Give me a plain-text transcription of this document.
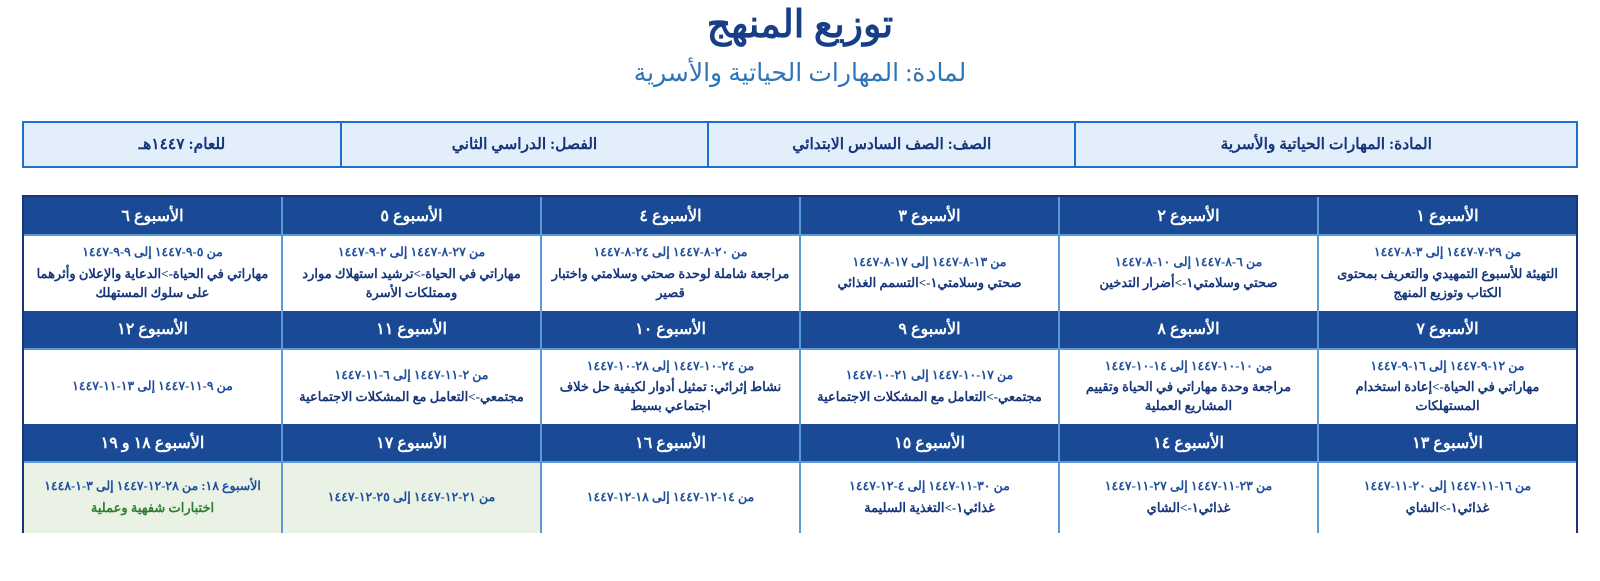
توزيع المنهج
لمادة: المهارات الحياتية والأسرية
المادة: المهارات الحياتية والأسرية
الصف: الصف السادس الابتدائي
الفصل: الدراسي الثاني
للعام: ١٤٤٧هـ
الأسبوع ١
الأسبوع ٢
الأسبوع ٣
الأسبوع ٤
الأسبوع ٥
الأسبوع ٦
من ٢٩-٧-١٤٤٧ إلى ٣-٨-١٤٤٧
التهيئة للأسبوع التمهيدي والتعريف بمحتوى الكتاب وتوزيع المنهج
من ٦-٨-١٤٤٧ إلى ١٠-٨-١٤٤٧
صحتي وسلامتي١->أضرار التدخين
من ١٣-٨-١٤٤٧ إلى ١٧-٨-١٤٤٧
صحتي وسلامتي١->التسمم الغذائي
من ٢٠-٨-١٤٤٧ إلى ٢٤-٨-١٤٤٧
مراجعة شاملة لوحدة صحتي وسلامتي واختبار قصير
من ٢٧-٨-١٤٤٧ إلى ٢-٩-١٤٤٧
مهاراتي في الحياة->ترشيد استهلاك موارد وممتلكات الأسرة
من ٥-٩-١٤٤٧ إلى ٩-٩-١٤٤٧
مهاراتي في الحياة->الدعاية والإعلان وأثرهما على سلوك المستهلك
الأسبوع ٧
الأسبوع ٨
الأسبوع ٩
الأسبوع ١٠
الأسبوع ١١
الأسبوع ١٢
من ١٢-٩-١٤٤٧ إلى ١٦-٩-١٤٤٧
مهاراتي في الحياة->إعادة استخدام المستهلكات
من ١٠-١٠-١٤٤٧ إلى ١٤-١٠-١٤٤٧
مراجعة وحدة مهاراتي في الحياة وتقييم المشاريع العملية
من ١٧-١٠-١٤٤٧ إلى ٢١-١٠-١٤٤٧
مجتمعي->التعامل مع المشكلات الاجتماعية
من ٢٤-١٠-١٤٤٧ إلى ٢٨-١٠-١٤٤٧
نشاط إثرائي: تمثيل أدوار لكيفية حل خلاف اجتماعي بسيط
من ٢-١١-١٤٤٧ إلى ٦-١١-١٤٤٧
مجتمعي->التعامل مع المشكلات الاجتماعية
من ٩-١١-١٤٤٧ إلى ١٣-١١-١٤٤٧
الأسبوع ١٣
الأسبوع ١٤
الأسبوع ١٥
الأسبوع ١٦
الأسبوع ١٧
الأسبوع ١٨ و ١٩
من ١٦-١١-١٤٤٧ إلى ٢٠-١١-١٤٤٧
غذائي١->الشاي
من ٢٣-١١-١٤٤٧ إلى ٢٧-١١-١٤٤٧
غذائي١->الشاي
من ٣٠-١١-١٤٤٧ إلى ٤-١٢-١٤٤٧
غذائي١->التغذية السليمة
من ١٤-١٢-١٤٤٧ إلى ١٨-١٢-١٤٤٧
من ٢١-١٢-١٤٤٧ إلى ٢٥-١٢-١٤٤٧
الأسبوع ١٨: من ٢٨-١٢-١٤٤٧ إلى ٣-١-١٤٤٨
اختبارات شفهية وعملية
